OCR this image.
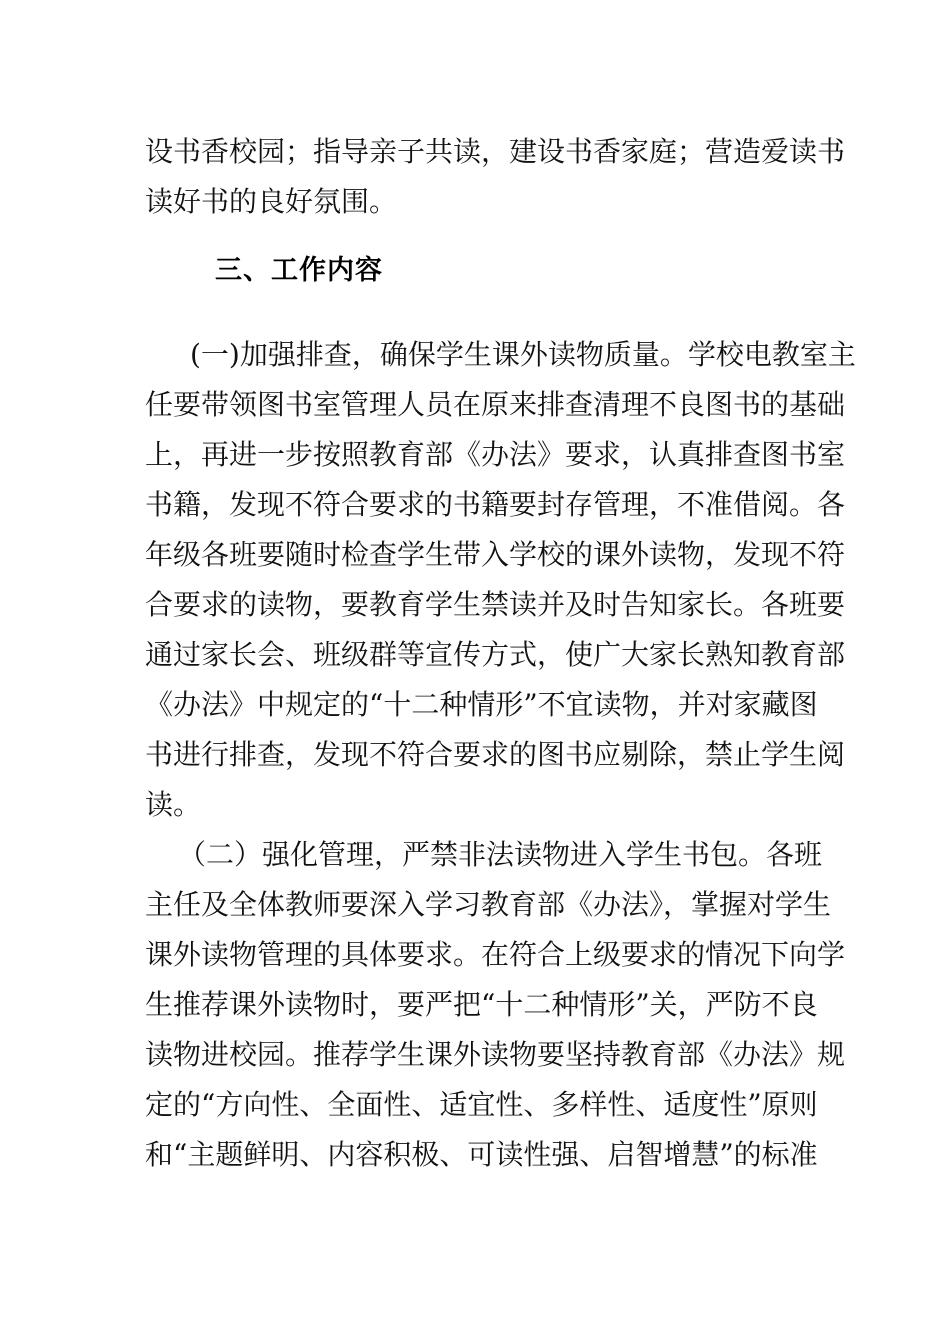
设书香校园；指导亲子共读，建设书香家庭；营造爱读书
读好书的良好氛围。
三、工作内容
(一)加强排查，确保学生课外读物质量。学校电教室主
任要带领图书室管理人员在原来排查清理不良图书的基础
上，再进一步按照教育部《办法》要求，认真排查图书室
书籍，发现不符合要求的书籍要封存管理，不准借阅。各
年级各班要随时检查学生带入学校的课外读物，发现不符
合要求的读物，要教育学生禁读并及时告知家长。各班要
通过家长会、班级群等宣传方式，使广大家长熟知教育部
《办法》中规定的“十二种情形”不宜读物，并对家藏图
书进行排查，发现不符合要求的图书应剔除，禁止学生阅
读。
（二）强化管理，严禁非法读物进入学生书包。各班
主任及全体教师要深入学习教育部《办法》，掌握对学生
课外读物管理的具体要求。在符合上级要求的情况下向学
生推荐课外读物时，要严把“十二种情形”关，严防不良
读物进校园。推荐学生课外读物要坚持教育部《办法》规
定的“方向性、全面性、适宜性、多样性、适度性”原则
和“主题鲜明、内容积极、可读性强、启智增慧”的标准
